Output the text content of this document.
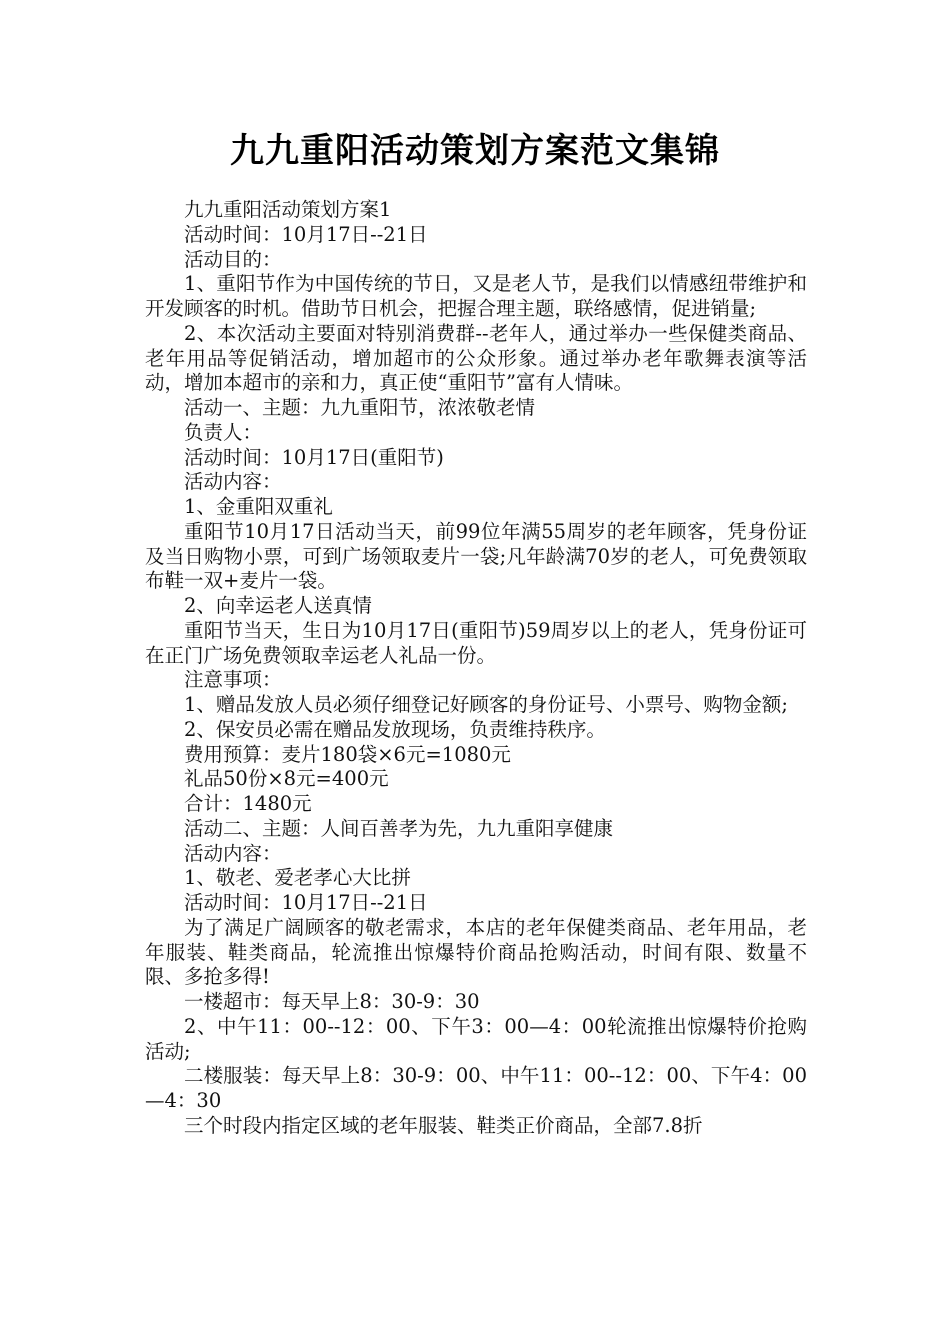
九九重阳活动策划方案范文集锦

九九重阳活动策划方案1

活动时间：10月17日--21日

活动目的：

1、重阳节作为中国传统的节日，又是老人节，是我们以情感纽带维护和开发顾客的时机。借助节日机会，把握合理主题，联络感情，促进销量;

2、本次活动主要面对特别消费群--老年人，通过举办一些保健类商品、老年用品等促销活动，增加超市的公众形象。通过举办老年歌舞表演等活动，增加本超市的亲和力，真正使“重阳节”富有人情味。

活动一、主题：九九重阳节，浓浓敬老情

负责人：

活动时间：10月17日(重阳节)

活动内容：

1、金重阳双重礼

重阳节10月17日活动当天，前99位年满55周岁的老年顾客，凭身份证及当日购物小票，可到广场领取麦片一袋;凡年龄满70岁的老人，可免费领取布鞋一双+麦片一袋。

2、向幸运老人送真情

重阳节当天，生日为10月17日(重阳节)59周岁以上的老人，凭身份证可在正门广场免费领取幸运老人礼品一份。

注意事项：

1、赠品发放人员必须仔细登记好顾客的身份证号、小票号、购物金额;

2、保安员必需在赠品发放现场，负责维持秩序。

费用预算：麦片180袋×6元=1080元

礼品50份×8元=400元

合计：1480元

活动二、主题：人间百善孝为先，九九重阳享健康

活动内容：

1、敬老、爱老孝心大比拼

活动时间：10月17日--21日

为了满足广阔顾客的敬老需求，本店的老年保健类商品、老年用品，老年服装、鞋类商品，轮流推出惊爆特价商品抢购活动，时间有限、数量不限、多抢多得!

一楼超市：每天早上8：30-9：30

2、中午11：00--12：00、下午3：00—4：00轮流推出惊爆特价抢购活动;

二楼服装：每天早上8：30-9：00、中午11：00--12：00、下午4：00—4：30

三个时段内指定区域的老年服装、鞋类正价商品，全部7.8折
